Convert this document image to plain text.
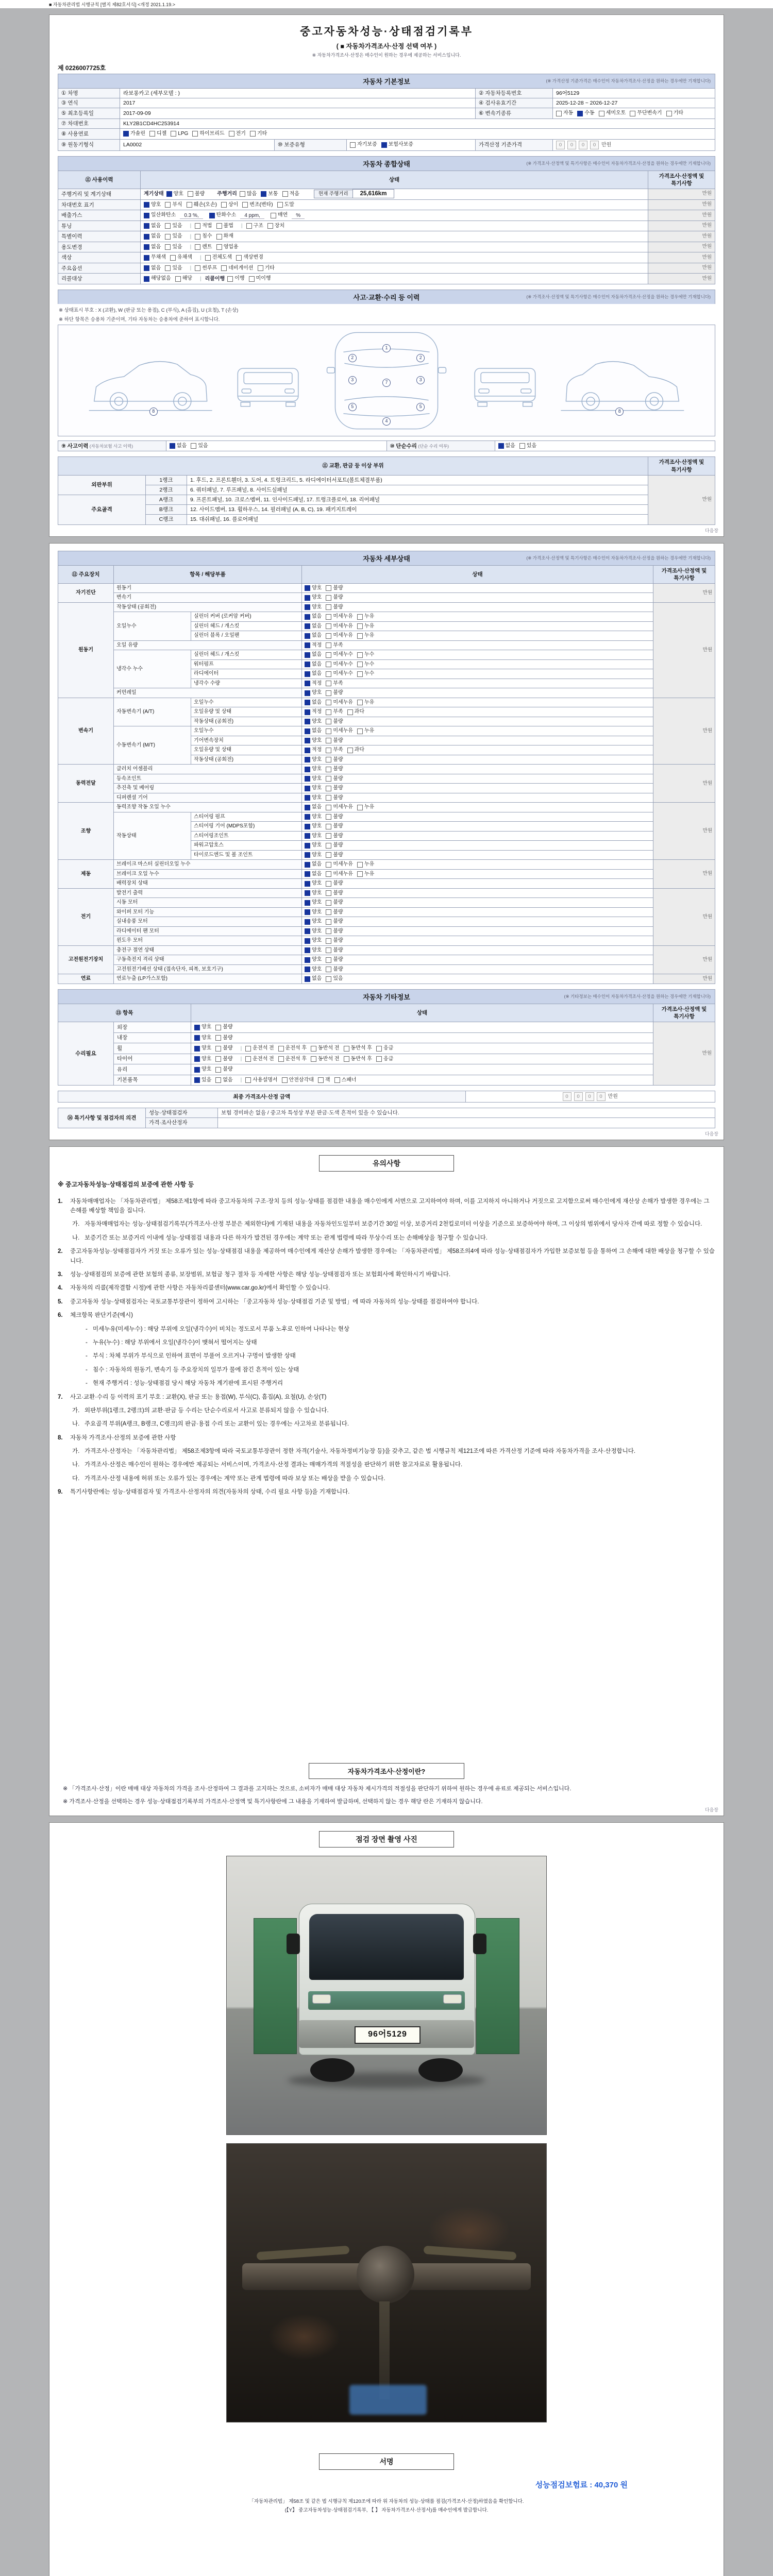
■ 자동차관리법 시행규칙 [별지 제82호서식] <개정 2021.1.19.>
중고자동차성능·상태점검기록부
( ■ 자동차가격조사·산정 선택 여부 )
※ 자동차가격조사·산정은 매수인이 원하는 경우에 제공하는 서비스입니다.
제 0226007725호
자동차 기본정보	(※ 가격산정 기준가격은 매수인이 자동차가격조사·산정을 원하는 경우에만 기재합니다)
① 차명	라보롱카고 (세부모델 : )			② 자동차등록번호	96어5129
③ 연식	2017			④ 검사유효기간	2025-12-28 ~ 2026-12-27
⑤ 최초등록일	2017-09-09			⑥ 변속기종류	자동 수동 세미오토 무단변속기 기타

⑦ 차대번호	KLY2B1CD4HC253914				
⑧ 사용연료	가솔린 디젤 LPG 하이브리드 전기 기타

⑨ 원동기형식	LA0002	⑩ 보증유형	자기보증 보험사보증	가격산정 기준가격	0 0 0 0 만원
자동차 종합상태	(※ 가격조사·산정액 및 특기사항은 매수인이 자동차가격조사·산정을 원하는 경우에만 기재합니다)
⑪ 사용이력	상태	가격조사·산정액 및 특기사항
주행거리 및 계기상태	계기상태 양호 불량 주행거리 많음 보통 적음	현재 주행거리 25,616km	만원
차대번호 표기	양호 부식 훼손(오손) 상이 변조(변타) 도말	만원
배출가스	일산화탄소 0.3 %,	탄화수소 4 ppm,	매연 %	만원
튜닝	없음 있음 | 적법 불법 | 구조 장치	만원
특별이력	없음 있음 | 침수 화재	만원
용도변경	없음 있음 | 렌트 영업용	만원
색상	무채색 유채색 | 전체도색 색상변경	만원
주요옵션	없음 있음 | 썬루프 네비게이션 기타	만원
리콜대상	해당없음 해당 | 리콜이행 이행 미이행	만원
사고·교환·수리 등 이력	(※ 가격조사·산정액 및 특기사항은 매수인이 자동차가격조사·산정을 원하는 경우에만 기재합니다)
※ 상태표시 부호 : X (교환), W (판금 또는 용접), C (부식), A (흠집), U (요철), T (손상)
※ 하단 항목은 승용차 기준이며, 기타 자동차는 승용차에 준하여 표시합니다.
1
2	2
3	7	3
5	5
4
8	8
⑨ 사고이력 (자동차보험 사고 이력)	없음 있음	⑩ 단순수리 (단순 수리 여부)	없음 있음
⑪ 교환, 판금 등 이상 부위			가격조사·산정액 및 특기사항
외판부위	1랭크	1. 후드, 2. 프론트휀더, 3. 도어, 4. 트렁크리드, 5. 라디에이터서포트(볼트체결부품)	만원
	2랭크	6. 쿼터패널, 7. 루프패널, 8. 사이드실패널	
주요골격	A랭크	9. 프론트패널, 10. 크로스멤버, 11. 인사이드패널, 17. 트렁크플로어, 18. 리어패널	
	B랭크	12. 사이드멤버, 13. 휠하우스, 14. 필러패널 (A, B, C), 19. 패키지트레이	
	C랭크	15. 대쉬패널, 16. 플로어패널	
다음장
자동차 세부상태	(※ 가격조사·산정액 및 특기사항은 매수인이 자동차가격조사·산정을 원하는 경우에만 기재합니다)
⑫ 주요장치	항목 / 해당부품		상태	가격조사·산정액 및 특기사항
자기진단	원동기		양호 불량	만원
	변속기		양호 불량	

원동기	작동상태 (공회전)		양호 불량	만원
	오일누수	실린더 커버 (로커암 커버)	없음 미세누유 누유	

		실린더 헤드 / 개스킷	없음 미세누유 누유	

		실린더 블록 / 오일팬	없음 미세누유 누유	

	오일 유량		적정 부족	

	냉각수 누수	실린더 헤드 / 개스킷	없음 미세누수 누수	

		워터펌프	없음 미세누수 누수	

		라디에이터	없음 미세누수 누수	

		냉각수 수량	적정 부족	

	커먼레일		양호 불량	

변속기	자동변속기 (A/T)	오일누수	없음 미세누유 누유	만원
		오일유량 및 상태	적정 부족 과다	

		작동상태 (공회전)	양호 불량	

	수동변속기 (M/T)	오일누수	없음 미세누유 누유	

		기어변속장치	양호 불량	

		오일유량 및 상태	적정 부족 과다	

		작동상태 (공회전)	양호 불량	

동력전달	클러치 어셈블리		양호 불량	만원
	등속조인트		양호 불량	

	추진축 및 베어링		양호 불량	

	디퍼렌셜 기어		양호 불량	

조향	동력조향 작동 오일 누수		없음 미세누유 누유	만원
	작동상태	스티어링 펌프	양호 불량	

		스티어링 기어 (MDPS포함)	양호 불량	

		스티어링조인트	양호 불량	

		파워고압호스	양호 불량	

		타이로드엔드 및 볼 조인트	양호 불량	

제동	브레이크 마스터 실린더오일 누수		없음 미세누유 누유	만원
	브레이크 오일 누수		없음 미세누유 누유	

	배력장치 상태		양호 불량	

전기	발전기 출력		양호 불량	만원
	시동 모터		양호 불량	

	와이퍼 모터 기능		양호 불량	

	실내송풍 모터		양호 불량	

	라디에이터 팬 모터		양호 불량	

	윈도우 모터		양호 불량	

고전원전기장치	충전구 절연 상태		양호 불량	만원
	구동축전지 격리 상태		양호 불량	

	고전원전기배선 상태 (접속단자, 피복, 보호기구)		양호 불량	

연료	연료누출 (LP가스포함)		없음 있음	만원
자동차 기타정보	(※ 기타정보는 매수인이 자동차가격조사·산정을 원하는 경우에만 기재합니다)
⑬ 항목		상태	가격조사·산정액 및 특기사항
수리필요	외장	양호 불량	만원
	내장	양호 불량	

휠	양호 불량 | 운전석 전 운전석 후 동반석 전 동반석 후 응급

타이어	양호 불량 | 운전석 전 운전석 후 동반석 전 동반석 후 응급

	유리	양호 불량	

기본품목	있음 없음 | 사용설명서 안전삼각대 잭 스패너
최종 가격조사·산정 금액	0 0 0 0 만원
⑭ 특기사항 및 점검자의 의견	성능·상태점검자	보험 경미파손 없음 / 중고차 특성상 부분 판금·도색 흔적이 있을 수 있습니다.
	가격·조사산정자	
다음장
유의사항
※ 중고자동차성능·상태점검의 보증에 관한 사항 등
1.	자동차매매업자는 「자동차관리법」 제58조제1항에 따라 중고자동차의 구조·장치 등의 성능·상태를 점검한 내용을 매수인에게 서면으로 고지하여야 하며, 이를 고지하지 아니하거나 거짓으로 고지함으로써 매수인에게 재산상 손해가 발생한 경우에는 그 손해를 배상할 책임을 집니다.
가. 자동차매매업자는 성능·상태점검기록부(가격조사·산정 부분은 제외한다)에 기재된 내용을 자동차인도일부터 보증기간 30일 이상, 보증거리 2천킬로미터 이상을 기준으로 보증하여야 하며, 그 이상의 범위에서 당사자 간에 따로 정할 수 있습니다.
나. 보증기간 또는 보증거리 이내에 성능·상태점검 내용과 다른 하자가 발견된 경우에는 계약 또는 관계 법령에 따라 무상수리 또는 손해배상을 청구할 수 있습니다.
2.	중고자동차성능·상태점검자가 거짓 또는 오류가 있는 성능·상태점검 내용을 제공하여 매수인에게 재산상 손해가 발생한 경우에는 「자동차관리법」 제58조의4에 따라 성능·상태점검자가 가입한 보증보험 등을 통하여 그 손해에 대한 배상을 청구할 수 있습니다.
3.	성능·상태점검의 보증에 관한 보험의 종류, 보장범위, 보험금 청구 절차 등 자세한 사항은 해당 성능·상태점검자 또는 보험회사에 확인하시기 바랍니다.
4.	자동차의 리콜(제작결함 시정)에 관한 사항은 자동차리콜센터(www.car.go.kr)에서 확인할 수 있습니다.
5.	중고자동차 성능·상태점검자는 국토교통부장관이 정하여 고시하는 「중고자동차 성능·상태점검 기준 및 방법」에 따라 자동차의 성능·상태를 점검하여야 합니다.
6.	체크항목 판단기준(예시)
- 미세누유(미세누수) : 해당 부위에 오일(냉각수)이 비치는 정도로서 부품 노후로 인하여 나타나는 현상
- 누유(누수) : 해당 부위에서 오일(냉각수)이 맺혀서 떨어지는 상태
- 부식 : 차체 부위가 부식으로 인하여 표면이 부풀어 오르거나 구멍이 발생한 상태
- 침수 : 자동차의 원동기, 변속기 등 주요장치의 일부가 물에 잠긴 흔적이 있는 상태
- 현재 주행거리 : 성능·상태점검 당시 해당 자동차 계기판에 표시된 주행거리
7.	사고·교환·수리 등 이력의 표기 부호 : 교환(X), 판금 또는 용접(W), 부식(C), 흠집(A), 요철(U), 손상(T)
가. 외판부위(1랭크, 2랭크)의 교환·판금 등 수리는 단순수리로서 사고로 분류되지 않을 수 있습니다.
나. 주요골격 부위(A랭크, B랭크, C랭크)의 판금·용접 수리 또는 교환이 있는 경우에는 사고차로 분류됩니다.
8.	자동차 가격조사·산정의 보증에 관한 사항
가. 가격조사·산정자는 「자동차관리법」 제58조제3항에 따라 국토교통부장관이 정한 자격(기술사, 자동차정비기능장 등)을 갖추고, 같은 법 시행규칙 제121조에 따른 가격산정 기준에 따라 자동차가격을 조사·산정합니다.
나. 가격조사·산정은 매수인이 원하는 경우에만 제공되는 서비스이며, 가격조사·산정 결과는 매매가격의 적절성을 판단하기 위한 참고자료로 활용됩니다.
다. 가격조사·산정 내용에 허위 또는 오류가 있는 경우에는 계약 또는 관계 법령에 따라 보상 또는 배상을 받을 수 있습니다.
9.	특기사항란에는 성능·상태점검자 및 가격조사·산정자의 의견(자동차의 상태, 수리 필요 사항 등)을 기재합니다.
자동차가격조사·산정이란?
※ 「가격조사·산정」이란 매매 대상 자동차의 가격을 조사·산정하여 그 결과를 고지하는 것으로, 소비자가 매매 대상 자동차 제시가격의 적절성을 판단하기 위하여 원하는 경우에 유료로 제공되는 서비스입니다.
※ 가격조사·산정을 선택하는 경우 성능·상태점검기록부의 가격조사·산정액 및 특기사항란에 그 내용을 기재하여 발급하며, 선택하지 않는 경우 해당 란은 기재하지 않습니다.
다음장
점검 장면 촬영 사진
96어5129
서명
성능점검보험료 : 40,370 원
「자동차관리법」 제58조 및 같은 법 시행규칙 제120조에 따라 위 자동차의 성능·상태를 점검(가격조사·산정)하였음을 확인합니다.
(【Y】 중고자동차성능·상태점검기록부, 【 】 자동차가격조사·산정서)를 매수인에게 발급합니다.
